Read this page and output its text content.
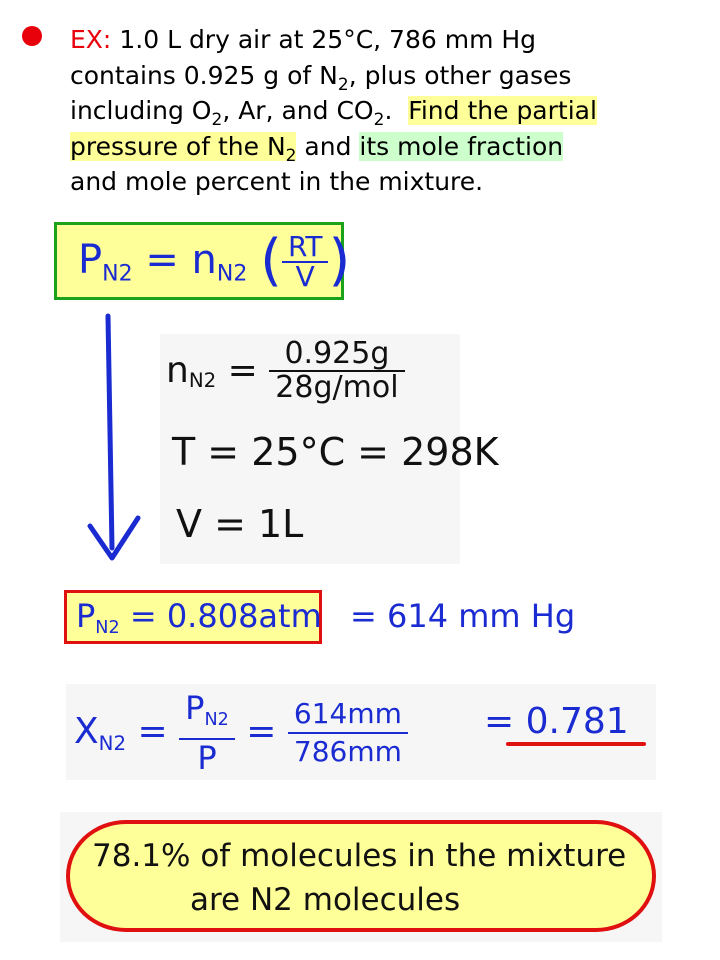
EX: 1.0 L dry air at 25°C, 786 mm Hg
contains 0.925 g of $N_2$, plus other gases
including $O_2$, Ar, and $CO_2$. Find the partial
pressure of the $N_2$ and its mole fraction
and mole percent in the mixture.
PN2 = nN2 ( $\frac{RT}{V}$ )
$nN2 = \frac{0.925g}{\text{28g/mol}}$
T = 25°C = 298K
V = 1L
PN2 = 0.808atm = 614 mm Hg
$XN2 = \frac{PN2}{P} = \frac{614mm}{786mm} = 0.781$
78.1% of molecules in the mixture
are N2 molecules
